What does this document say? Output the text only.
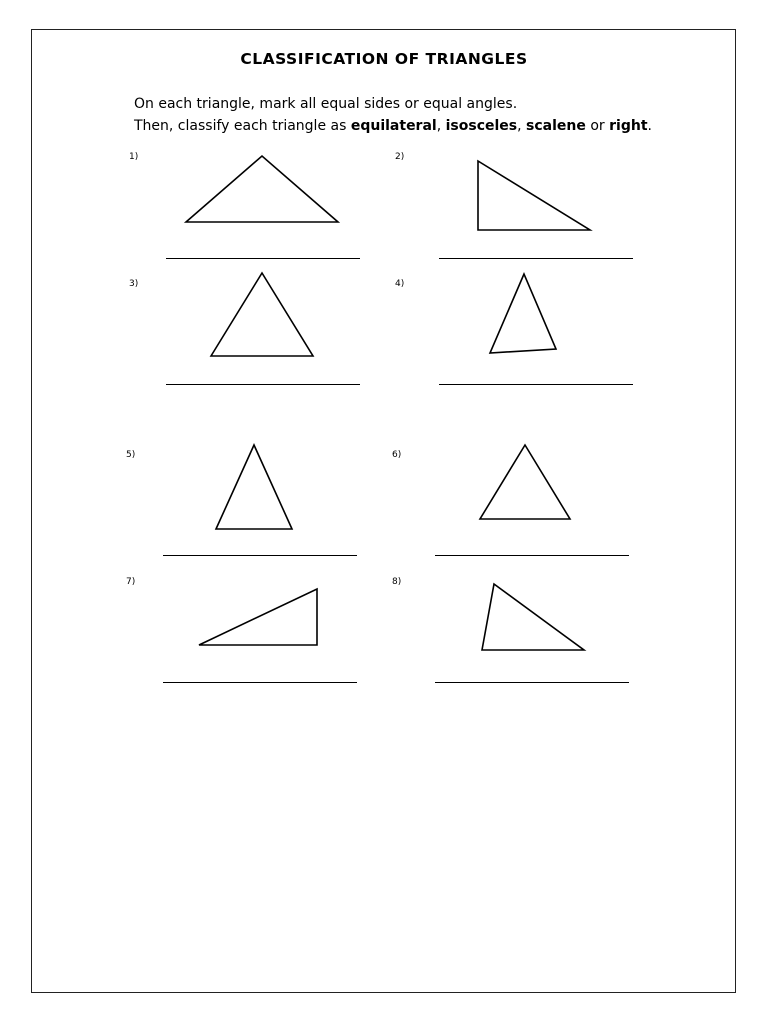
CLASSIFICATION OF TRIANGLES
On each triangle, mark all equal sides or equal angles.
Then, classify each triangle as equilateral, isosceles, scalene or right.
1)	2)
3)	4)
5)	6)
7)	8)
